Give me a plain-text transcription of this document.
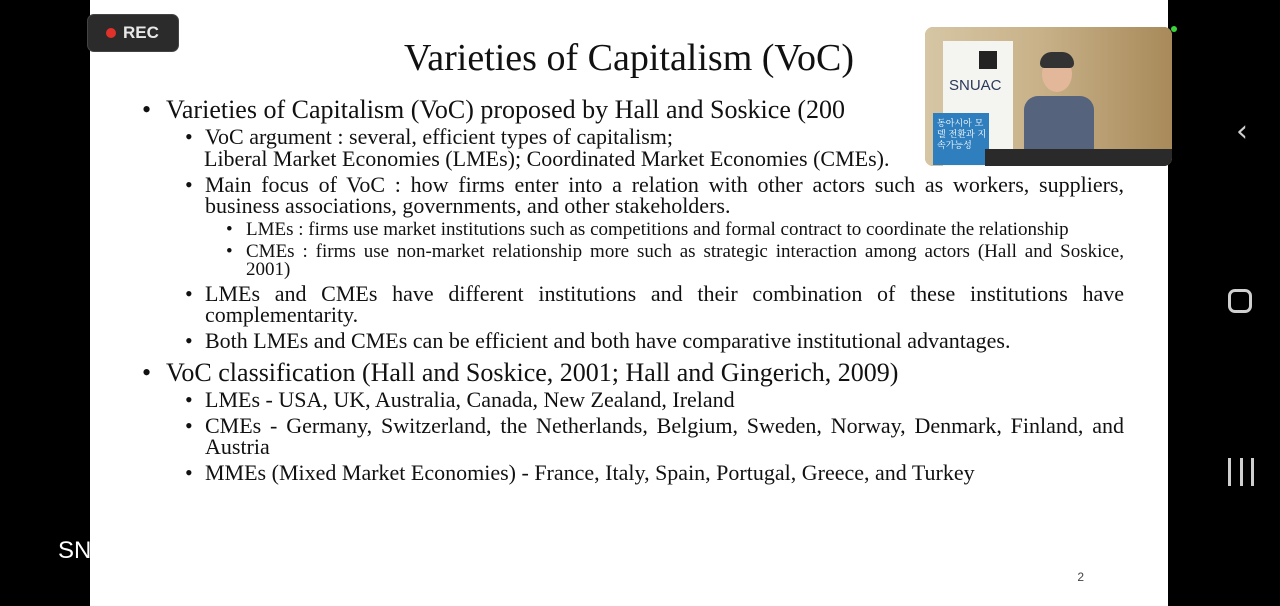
Varieties of Capitalism (VoC)
• Varieties of Capitalism (VoC) proposed by Hall and Soskice (200
• VoC argument : several, efficient types of capitalism;
Liberal Market Economies (LMEs); Coordinated Market Economies (CMEs).
• Main focus of VoC : how firms enter into a relation with other actors such as workers, suppliers, business associations, governments, and other stakeholders.
• LMEs : firms use market institutions such as competitions and formal contract to coordinate the relationship
• CMEs : firms use non-market relationship more such as strategic interaction among actors (Hall and Soskice, 2001)
• LMEs and CMEs have different institutions and their combination of these institutions have complementarity.
• Both LMEs and CMEs can be efficient and both have comparative institutional advantages.
• VoC classification (Hall and Soskice, 2001; Hall and Gingerich, 2009)
• LMEs - USA, UK, Australia, Canada, New Zealand, Ireland
• CMEs - Germany, Switzerland, the Netherlands, Belgium, Sweden, Norway, Denmark, Finland, and Austria
• MMEs (Mixed Market Economies) - France, Italy, Spain, Portugal, Greece, and Turkey
2
REC
SN
SNUAC
동아시아 모델 전환과 지속가능성	‹
